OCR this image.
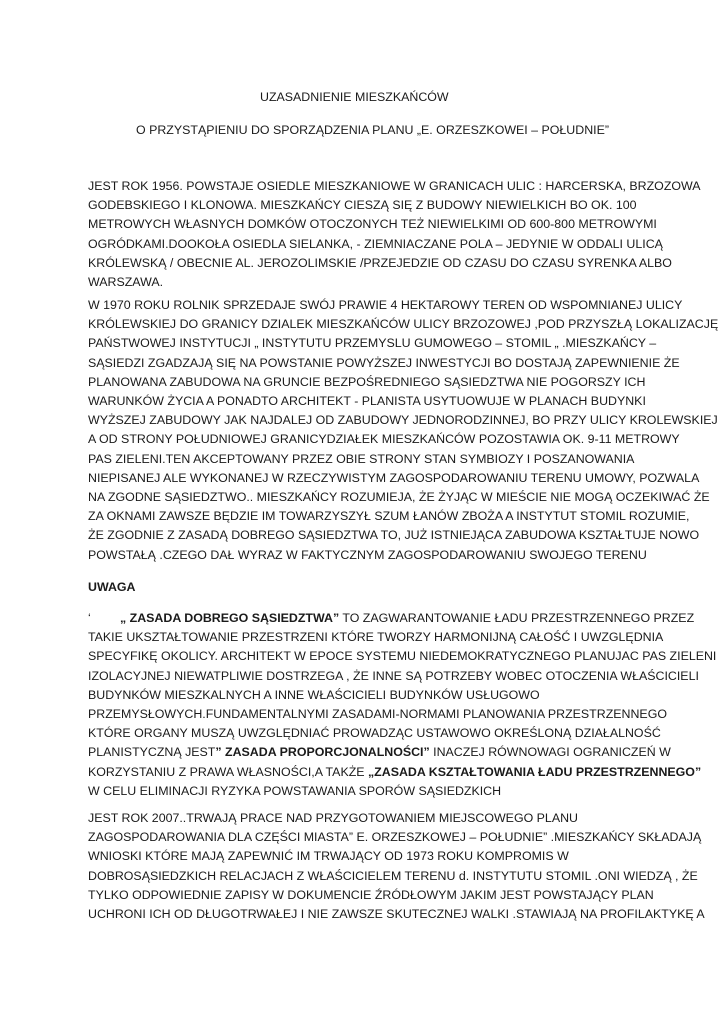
UZASADNIENIE MIESZKAŃCÓW
O PRZYSTĄPIENIU DO SPORZĄDZENIA PLANU „E. ORZESZKOWEI – POŁUDNIE”
JEST ROK 1956. POWSTAJE OSIEDLE MIESZKANIOWE W GRANICACH ULIC : HARCERSKA, BRZOZOWA
GODEBSKIEGO I KLONOWA. MIESZKAŃCY CIESZĄ SIĘ Z BUDOWY NIEWIELKICH BO OK. 100
METROWYCH WŁASNYCH DOMKÓW OTOCZONYCH TEŻ NIEWIELKIMI OD 600-800 METROWYMI
OGRÓDKAMI.DOOKOŁA OSIEDLA SIELANKA, - ZIEMNIACZANE POLA – JEDYNIE W ODDALI ULICĄ
KRÓLEWSKĄ / OBECNIE AL. JEROZOLIMSKIE /PRZEJEDZIE OD CZASU DO CZASU SYRENKA ALBO
WARSZAWA.
W 1970 ROKU ROLNIK SPRZEDAJE SWÓJ PRAWIE 4 HEKTAROWY TEREN OD WSPOMNIANEJ ULICY
KRÓLEWSKIEJ DO GRANICY DZIALEK MIESZKAŃCÓW ULICY BRZOZOWEJ ,POD PRZYSZŁĄ LOKALIZACJĘ
PAŃSTWOWEJ INSTYTUCJI „ INSTYTUTU PRZEMYSLU GUMOWEGO – STOMIL „ .MIESZKAŃCY –
SĄSIEDZI ZGADZAJĄ SIĘ NA POWSTANIE POWYŻSZEJ INWESTYCJI BO DOSTAJĄ ZAPEWNIENIE ŻE
PLANOWANA ZABUDOWA NA GRUNCIE BEZPOŚREDNIEGO SĄSIEDZTWA NIE POGORSZY ICH
WARUNKÓW ŻYCIA A PONADTO ARCHITEKT - PLANISTA USYTUOWUJE W PLANACH BUDYNKI
WYŻSZEJ ZABUDOWY JAK NAJDALEJ OD ZABUDOWY JEDNORODZINNEJ, BO PRZY ULICY KROLEWSKIEJ
A OD STRONY POŁUDNIOWEJ GRANICYDZIAŁEK MIESZKAŃCÓW POZOSTAWIA OK. 9-11 METROWY
PAS ZIELENI.TEN AKCEPTOWANY PRZEZ OBIE STRONY STAN SYMBIOZY I POSZANOWANIA
NIEPISANEJ ALE WYKONANEJ W RZECZYWISTYM ZAGOSPODAROWANIU TERENU UMOWY, POZWALA
NA ZGODNE SĄSIEDZTWO.. MIESZKAŃCY ROZUMIEJA, ŻE ŻYJĄC W MIEŚCIE NIE MOGĄ OCZEKIWAĆ ŻE
ZA OKNAMI ZAWSZE BĘDZIE IM TOWARZYSZYŁ SZUM ŁANÓW ZBOŻA A INSTYTUT STOMIL ROZUMIE,
ŻE ZGODNIE Z ZASADĄ DOBREGO SĄSIEDZTWA TO, JUŻ ISTNIEJĄCA ZABUDOWA KSZTAŁTUJE NOWO
POWSTAŁĄ .CZEGO DAŁ WYRAZ W FAKTYCZNYM ZAGOSPODAROWANIU SWOJEGO TERENU
UWAGA
‘ „ ZASADA DOBREGO SĄSIEDZTWA” TO ZAGWARANTOWANIE ŁADU PRZESTRZENNEGO PRZEZ
TAKIE UKSZTAŁTOWANIE PRZESTRZENI KTÓRE TWORZY HARMONIJNĄ CAŁOŚĆ I UWZGLĘDNIA
SPECYFIKĘ OKOLICY. ARCHITEKT W EPOCE SYSTEMU NIEDEMOKRATYCZNEGO PLANUJAC PAS ZIELENI
IZOLACYJNEJ NIEWATPLIWIE DOSTRZEGA , ŻE INNE SĄ POTRZEBY WOBEC OTOCZENIA WŁAŚCICIELI
BUDYNKÓW MIESZKALNYCH A INNE WŁAŚCICIELI BUDYNKÓW USŁUGOWO
PRZEMYSŁOWYCH.FUNDAMENTALNYMI ZASADAMI-NORMAMI PLANOWANIA PRZESTRZENNEGO
KTÓRE ORGANY MUSZĄ UWZGLĘDNIAĆ PROWADZĄC USTAWOWO OKREŚLONĄ DZIAŁALNOŚĆ
PLANISTYCZNĄ JEST” ZASADA PROPORCJONALNOŚCI” INACZEJ RÓWNOWAGI OGRANICZEŃ W
KORZYSTANIU Z PRAWA WŁASNOŚCI,A TAKŻE „ZASADA KSZTAŁTOWANIA ŁADU PRZESTRZENNEGO”
W CELU ELIMINACJI RYZYKA POWSTAWANIA SPORÓW SĄSIEDZKICH
JEST ROK 2007..TRWAJĄ PRACE NAD PRZYGOTOWANIEM MIEJSCOWEGO PLANU
ZAGOSPODAROWANIA DLA CZĘŚCI MIASTA” E. ORZESZKOWEJ – POŁUDNIE” .MIESZKAŃCY SKŁADAJĄ
WNIOSKI KTÓRE MAJĄ ZAPEWNIĆ IM TRWAJĄCY OD 1973 ROKU KOMPROMIS W
DOBROSĄSIEDZKICH RELACJACH Z WŁAŚCICIELEM TERENU d. INSTYTUTU STOMIL .ONI WIEDZĄ , ŻE
TYLKO ODPOWIEDNIE ZAPISY W DOKUMENCIE ŹRÓDŁOWYM JAKIM JEST POWSTAJĄCY PLAN
UCHRONI ICH OD DŁUGOTRWAŁEJ I NIE ZAWSZE SKUTECZNEJ WALKI .STAWIAJĄ NA PROFILAKTYKĘ A
